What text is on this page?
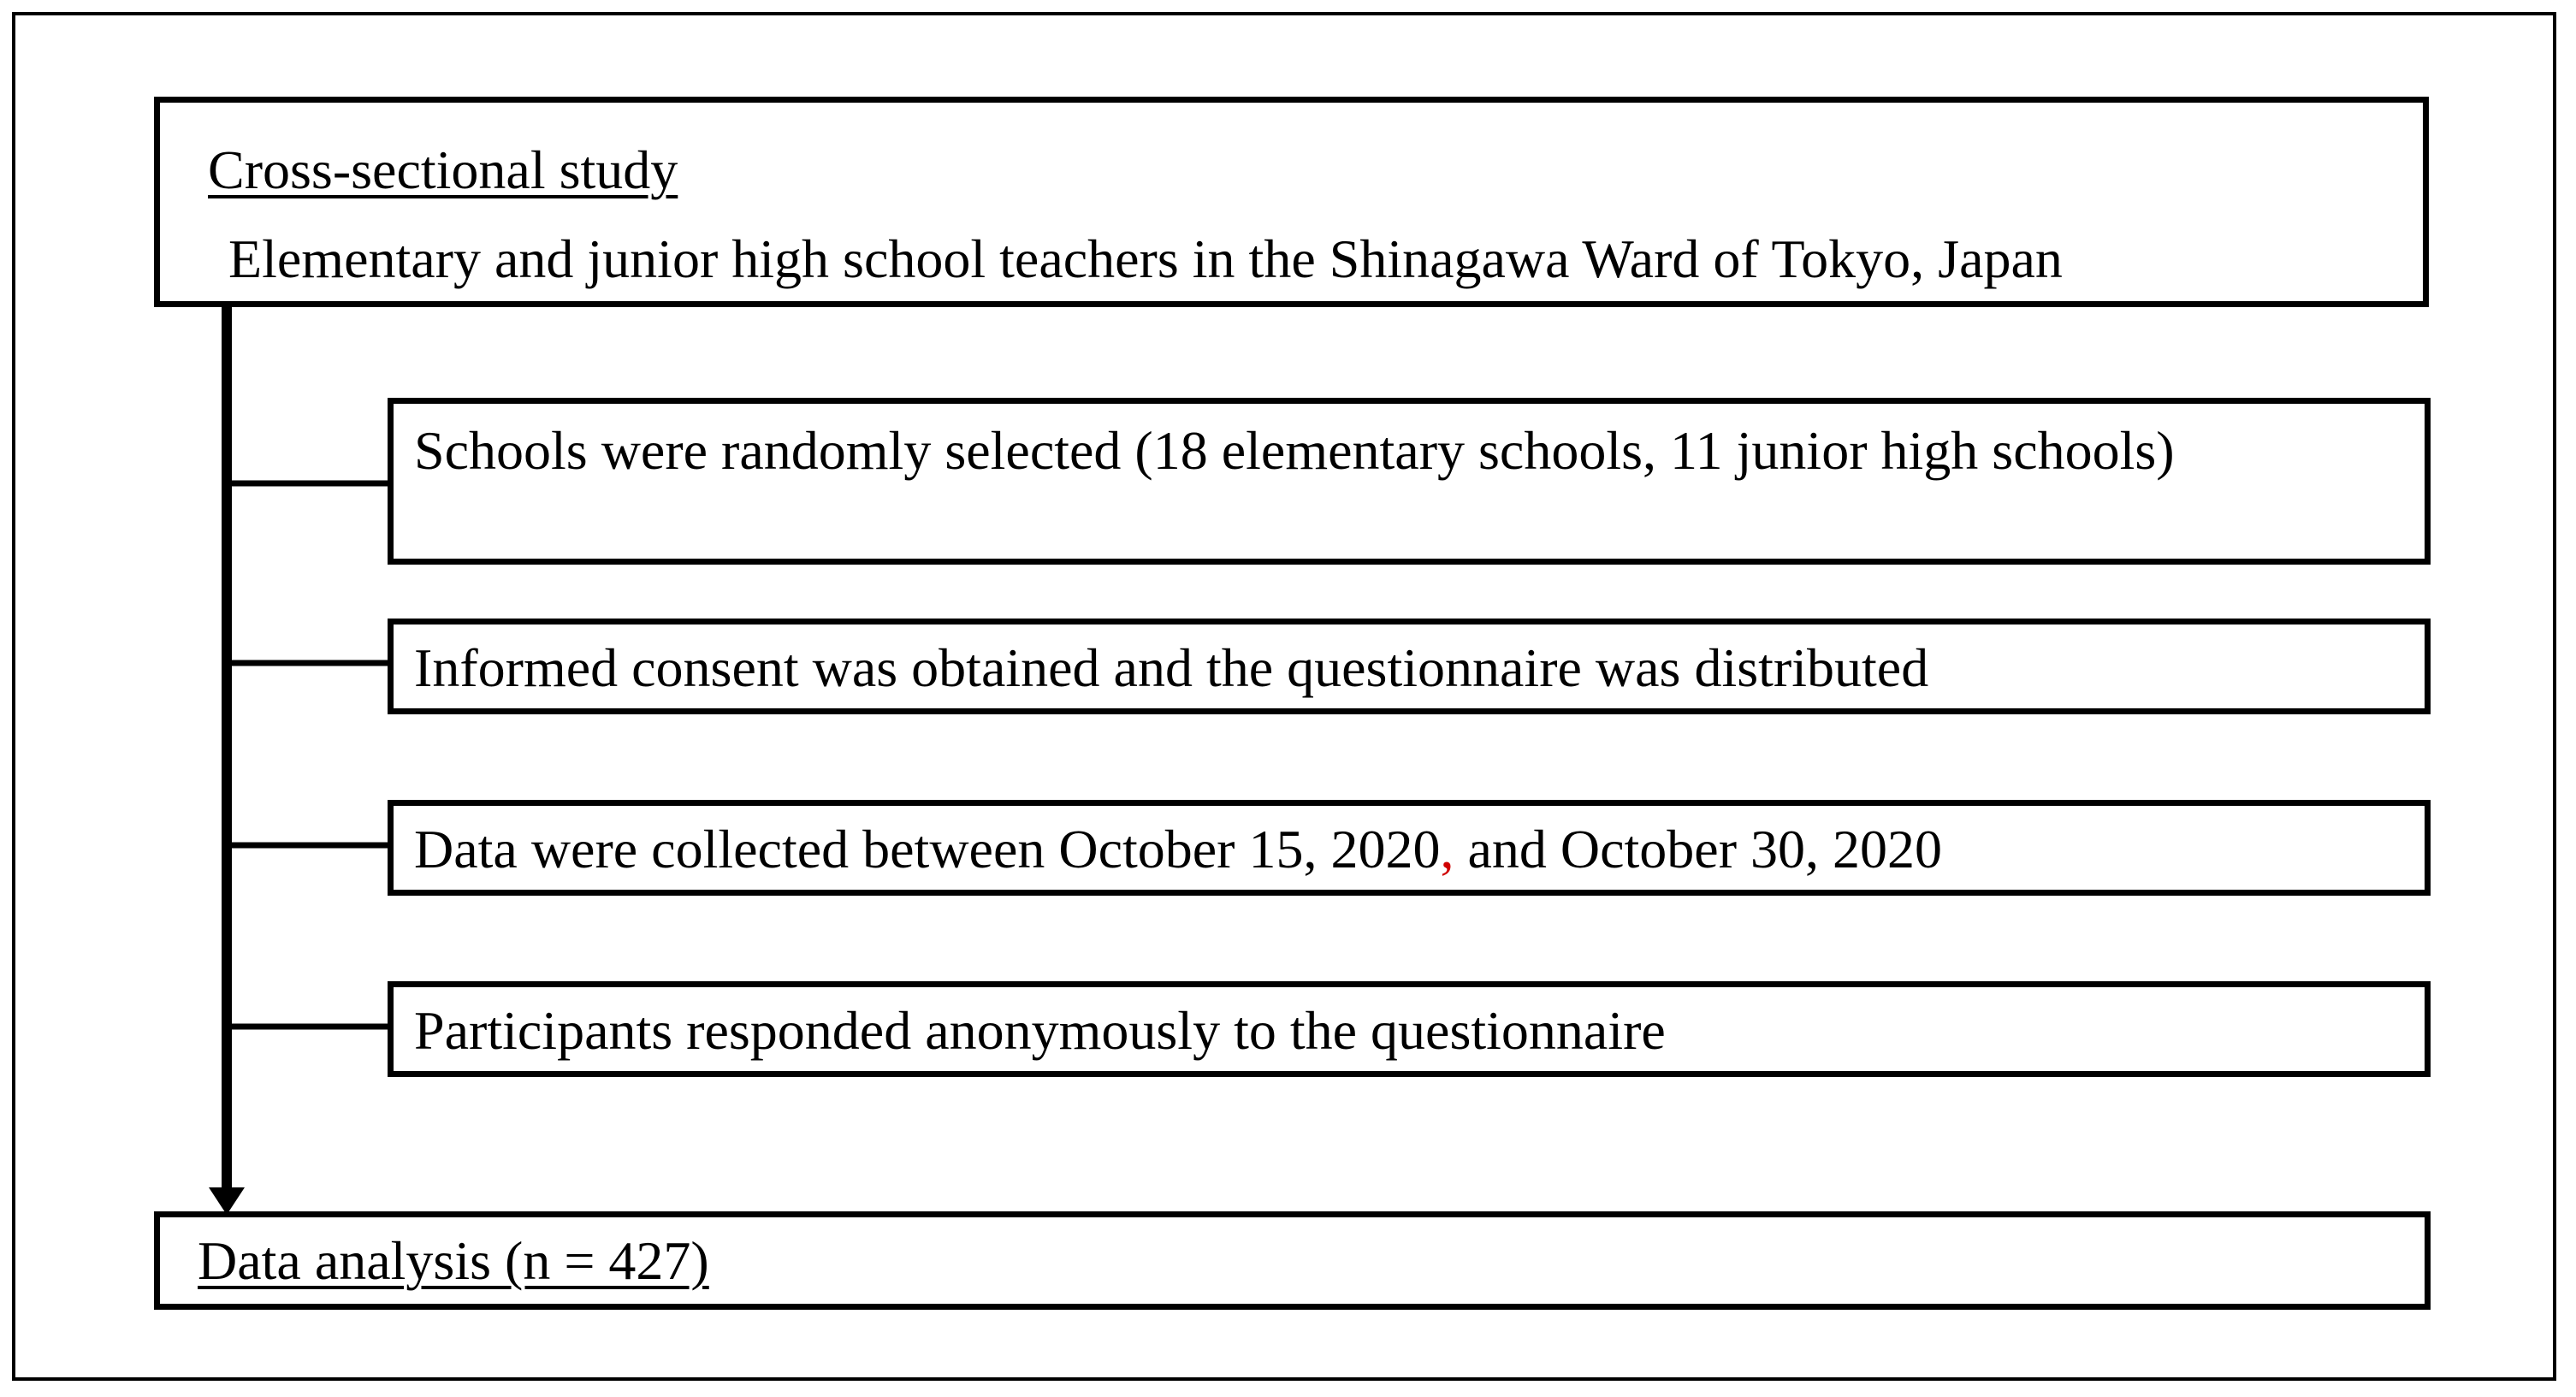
Cross-sectional study
Elementary and junior high school teachers in the Shinagawa Ward of Tokyo, Japan
Schools were randomly selected (18 elementary schools, 11 junior high schools)
Informed consent was obtained and the questionnaire was distributed
Data were collected between October 15, 2020, and October 30, 2020
Participants responded anonymously to the questionnaire
Data analysis (n = 427)
